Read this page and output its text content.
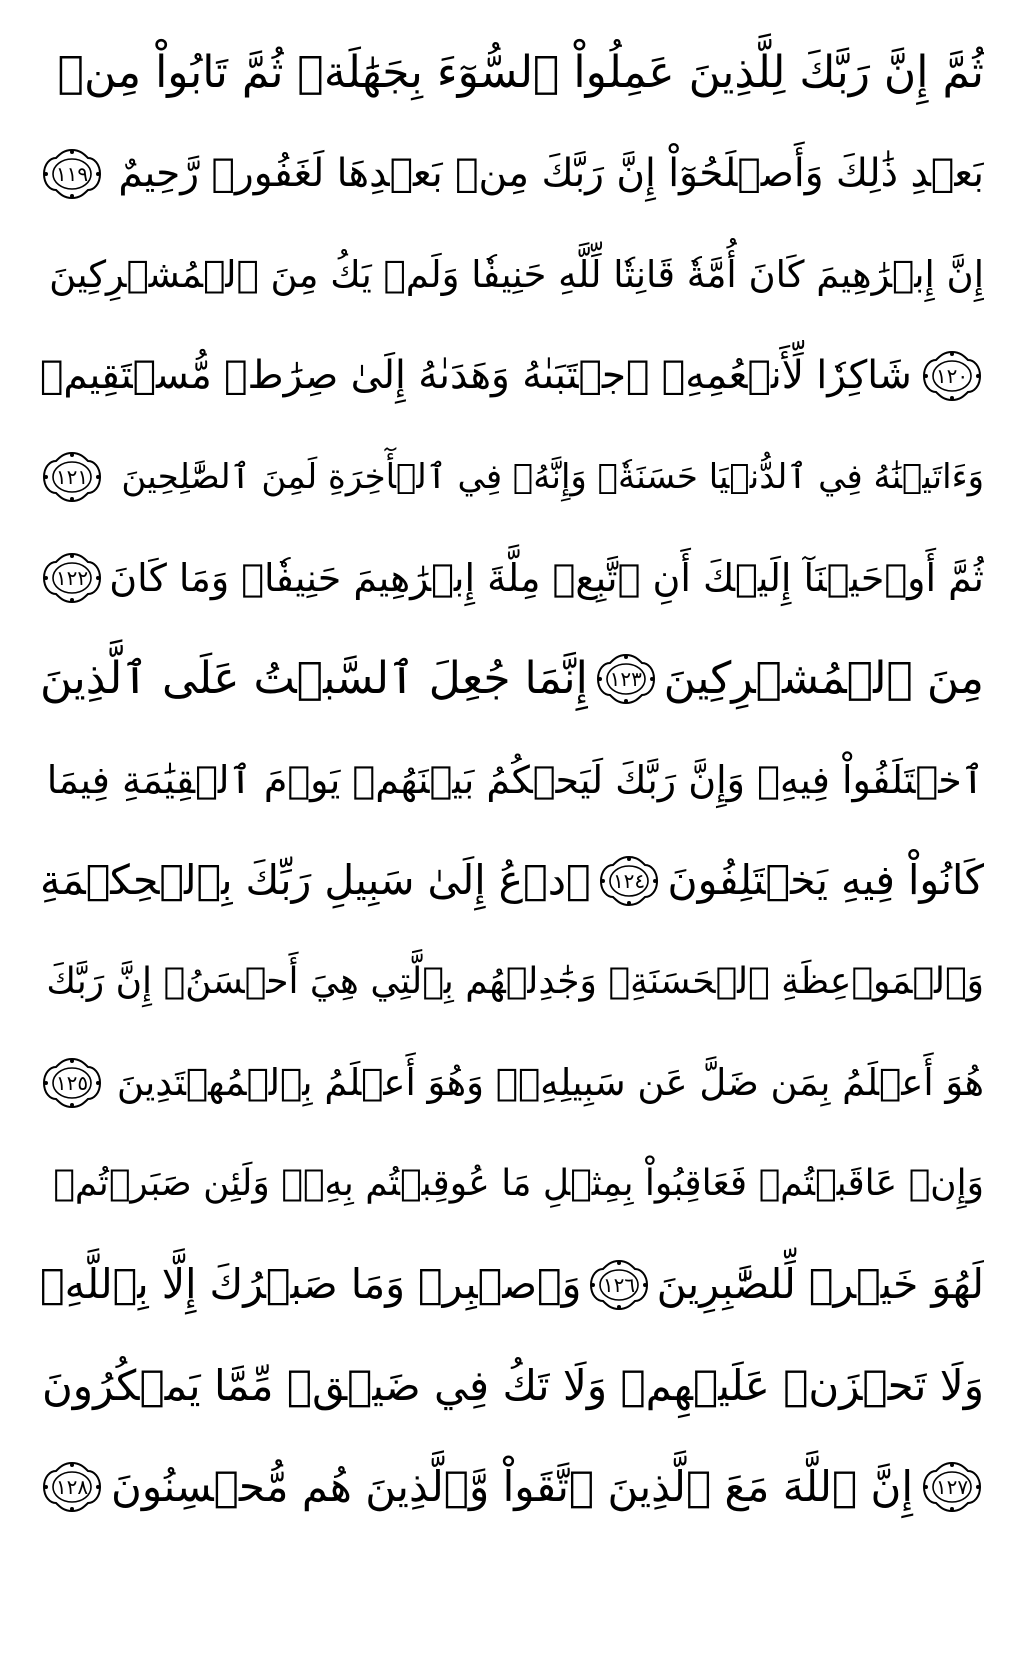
ثُمَّ إِنَّ رَبَّكَ لِلَّذِينَ عَمِلُواْ ٱلسُّوٓءَ بِجَهَٰلَةٖ ثُمَّ تَابُواْ مِنۢ
بَعۡدِ ذَٰلِكَ وَأَصۡلَحُوٓاْ إِنَّ رَبَّكَ مِنۢ بَعۡدِهَا لَغَفُورٞ رَّحِيمٌ
١١٩
إِنَّ إِبۡرَٰهِيمَ كَانَ أُمَّةٗ قَانِتٗا لِّلَّهِ حَنِيفٗا وَلَمۡ يَكُ مِنَ ٱلۡمُشۡرِكِينَ
١٢٠
شَاكِرٗا لِّأَنۡعُمِهِۚ ٱجۡتَبَىٰهُ وَهَدَىٰهُ إِلَىٰ صِرَٰطٖ مُّسۡتَقِيمٖ
وَءَاتَيۡنَٰهُ فِي ٱلدُّنۡيَا حَسَنَةٗۖ وَإِنَّهُۥ فِي ٱلۡأٓخِرَةِ لَمِنَ ٱلصَّٰلِحِينَ
١٢١
ثُمَّ أَوۡحَيۡنَآ إِلَيۡكَ أَنِ ٱتَّبِعۡ مِلَّةَ إِبۡرَٰهِيمَ حَنِيفٗاۖ وَمَا كَانَ
١٢٢
مِنَ ٱلۡمُشۡرِكِينَ
١٢٣
إِنَّمَا جُعِلَ ٱلسَّبۡتُ عَلَى ٱلَّذِينَ
ٱخۡتَلَفُواْ فِيهِۚ وَإِنَّ رَبَّكَ لَيَحۡكُمُ بَيۡنَهُمۡ يَوۡمَ ٱلۡقِيَٰمَةِ فِيمَا
كَانُواْ فِيهِ يَخۡتَلِفُونَ
١٢٤
ٱدۡعُ إِلَىٰ سَبِيلِ رَبِّكَ بِٱلۡحِكۡمَةِ
وَٱلۡمَوۡعِظَةِ ٱلۡحَسَنَةِۖ وَجَٰدِلۡهُم بِٱلَّتِي هِيَ أَحۡسَنُۚ إِنَّ رَبَّكَ
هُوَ أَعۡلَمُ بِمَن ضَلَّ عَن سَبِيلِهِۦۖ وَهُوَ أَعۡلَمُ بِٱلۡمُهۡتَدِينَ
١٢٥
وَإِنۡ عَاقَبۡتُمۡ فَعَاقِبُواْ بِمِثۡلِ مَا عُوقِبۡتُم بِهِۦۖ وَلَئِن صَبَرۡتُمۡ
لَهُوَ خَيۡرٞ لِّلصَّٰبِرِينَ
١٢٦
وَٱصۡبِرۡ وَمَا صَبۡرُكَ إِلَّا بِٱللَّهِۚ
وَلَا تَحۡزَنۡ عَلَيۡهِمۡ وَلَا تَكُ فِي ضَيۡقٖ مِّمَّا يَمۡكُرُونَ
١٢٧
إِنَّ ٱللَّهَ مَعَ ٱلَّذِينَ ٱتَّقَواْ وَّٱلَّذِينَ هُم مُّحۡسِنُونَ
١٢٨
